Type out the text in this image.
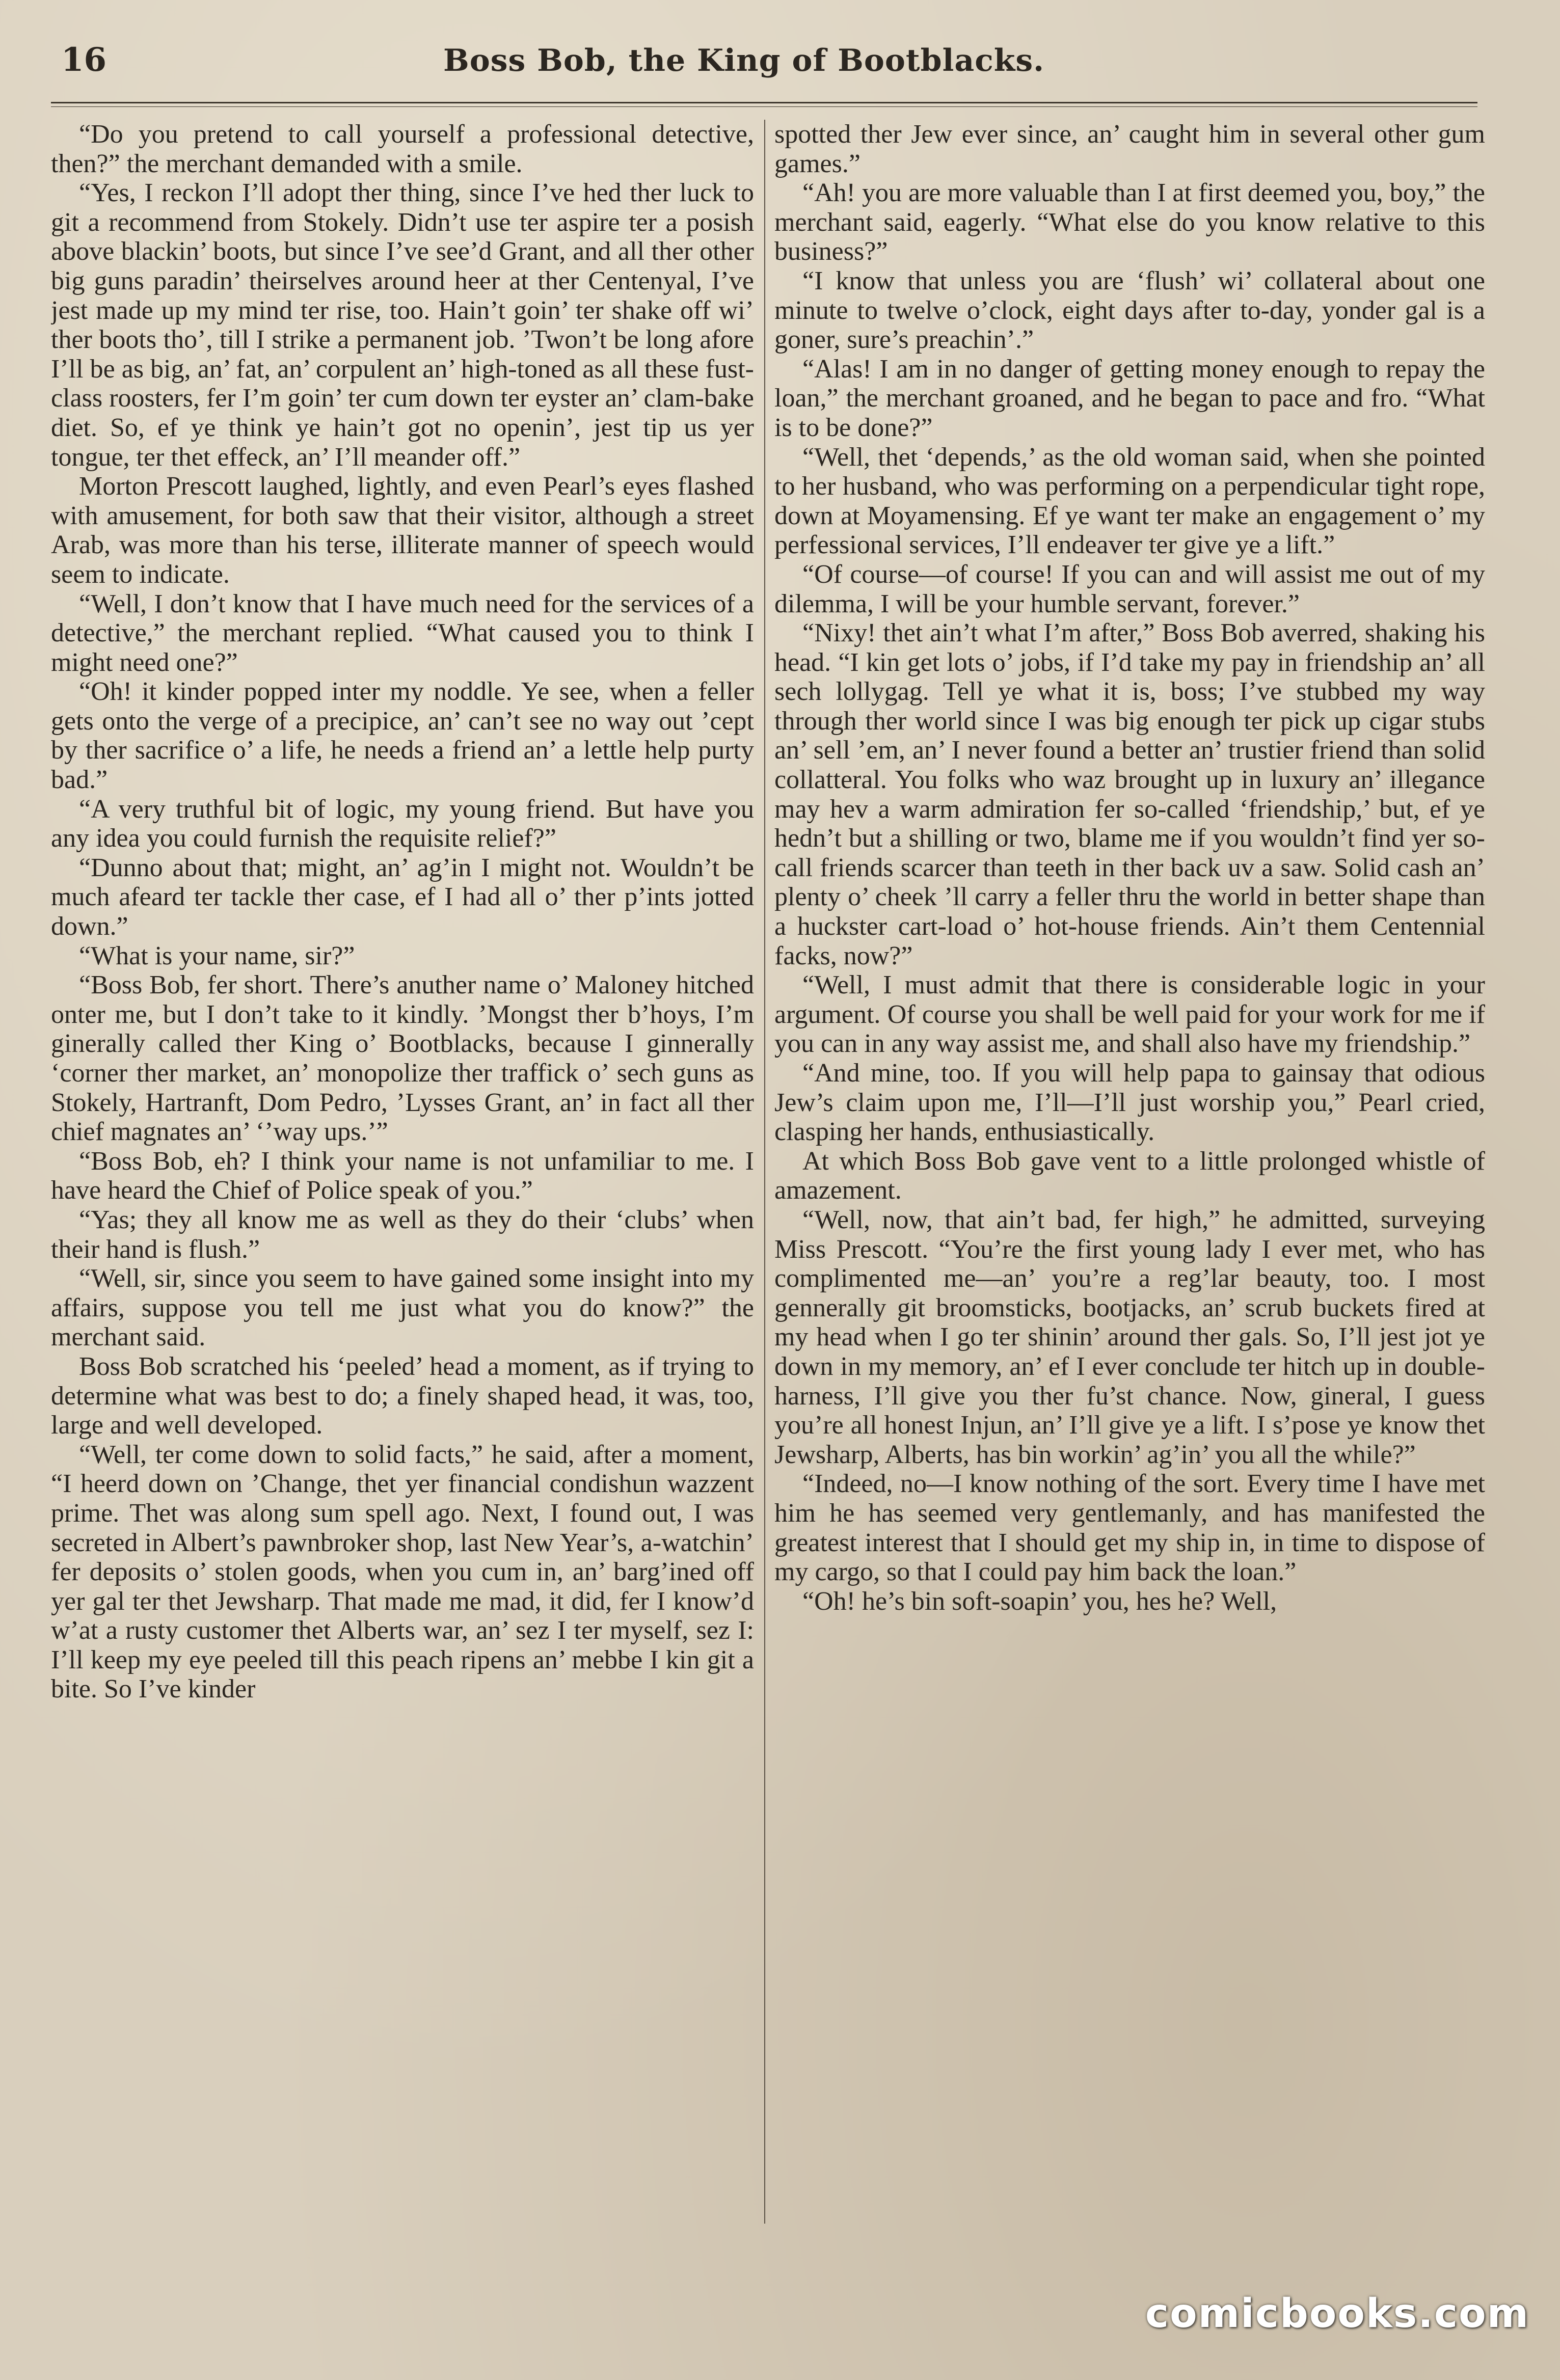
16	Boss Bob, the King of Bootblacks.

“Do you pretend to call yourself a professional detective, then?” the merchant demanded with a smile.

“Yes, I reckon I’ll adopt ther thing, since I’ve hed ther luck to git a recommend from Stokely. Didn’t use ter aspire ter a posish above blackin’ boots, but since I’ve see’d Grant, and all ther other big guns paradin’ theirselves around heer at ther Centenyal, I’ve jest made up my mind ter rise, too. Hain’t goin’ ter shake off wi’ ther boots tho’, till I strike a permanent job. ’Twon’t be long afore I’ll be as big, an’ fat, an’ corpulent an’ high-toned as all these fust-class roosters, fer I’m goin’ ter cum down ter eyster an’ clam-bake diet. So, ef ye think ye hain’t got no openin’, jest tip us yer tongue, ter thet effeck, an’ I’ll meander off.”

Morton Prescott laughed, lightly, and even Pearl’s eyes flashed with amusement, for both saw that their visitor, although a street Arab, was more than his terse, illiterate manner of speech would seem to indicate.

“Well, I don’t know that I have much need for the services of a detective,” the merchant replied. “What caused you to think I might need one?”

“Oh! it kinder popped inter my noddle. Ye see, when a feller gets onto the verge of a precipice, an’ can’t see no way out ’cept by ther sacrifice o’ a life, he needs a friend an’ a lettle help purty bad.”

“A very truthful bit of logic, my young friend. But have you any idea you could furnish the requisite relief?”

“Dunno about that; might, an’ ag’in I might not. Wouldn’t be much afeard ter tackle ther case, ef I had all o’ ther p’ints jotted down.”

“What is your name, sir?”

“Boss Bob, fer short. There’s anuther name o’ Maloney hitched onter me, but I don’t take to it kindly. ’Mongst ther b’hoys, I’m ginerally called ther King o’ Bootblacks, because I ginnerally ‘corner ther market, an’ monopolize ther traffick o’ sech guns as Stokely, Hartranft, Dom Pedro, ’Lysses Grant, an’ in fact all ther chief magnates an’ ‘’way ups.’”

“Boss Bob, eh? I think your name is not unfamiliar to me. I have heard the Chief of Police speak of you.”

“Yas; they all know me as well as they do their ‘clubs’ when their hand is flush.”

“Well, sir, since you seem to have gained some insight into my affairs, suppose you tell me just what you do know?” the merchant said.

Boss Bob scratched his ‘peeled’ head a moment, as if trying to determine what was best to do; a finely shaped head, it was, too, large and well developed.

“Well, ter come down to solid facts,” he said, after a moment, “I heerd down on ’Change, thet yer financial condishun wazzent prime. Thet was along sum spell ago. Next, I found out, I was secreted in Albert’s pawnbroker shop, last New Year’s, a-watchin’ fer deposits o’ stolen goods, when you cum in, an’ barg’ined off yer gal ter thet Jewsharp. That made me mad, it did, fer I know’d w’at a rusty customer thet Alberts war, an’ sez I ter myself, sez I: I’ll keep my eye peeled till this peach ripens an’ mebbe I kin git a bite. So I’ve kinder

spotted ther Jew ever since, an’ caught him in several other gum games.”

“Ah! you are more valuable than I at first deemed you, boy,” the merchant said, eagerly. “What else do you know relative to this business?”

“I know that unless you are ‘flush’ wi’ collateral about one minute to twelve o’clock, eight days after to-day, yonder gal is a goner, sure’s preachin’.”

“Alas! I am in no danger of getting money enough to repay the loan,” the merchant groaned, and he began to pace and fro. “What is to be done?”

“Well, thet ‘depends,’ as the old woman said, when she pointed to her husband, who was performing on a perpendicular tight rope, down at Moyamensing. Ef ye want ter make an engagement o’ my perfessional services, I’ll endeaver ter give ye a lift.”

“Of course—of course! If you can and will assist me out of my dilemma, I will be your humble servant, forever.”

“Nixy! thet ain’t what I’m after,” Boss Bob averred, shaking his head. “I kin get lots o’ jobs, if I’d take my pay in friendship an’ all sech lollygag. Tell ye what it is, boss; I’ve stubbed my way through ther world since I was big enough ter pick up cigar stubs an’ sell ’em, an’ I never found a better an’ trustier friend than solid collatteral. You folks who waz brought up in luxury an’ illegance may hev a warm admiration fer so-called ‘friendship,’ but, ef ye hedn’t but a shilling or two, blame me if you wouldn’t find yer so-call friends scarcer than teeth in ther back uv a saw. Solid cash an’ plenty o’ cheek ’ll carry a feller thru the world in better shape than a huckster cart-load o’ hot-house friends. Ain’t them Centennial facks, now?”

“Well, I must admit that there is considerable logic in your argument. Of course you shall be well paid for your work for me if you can in any way assist me, and shall also have my friendship.”

“And mine, too. If you will help papa to gainsay that odious Jew’s claim upon me, I’ll—I’ll just worship you,” Pearl cried, clasping her hands, enthusiastically.

At which Boss Bob gave vent to a little prolonged whistle of amazement.

“Well, now, that ain’t bad, fer high,” he admitted, surveying Miss Prescott. “You’re the first young lady I ever met, who has complimented me—an’ you’re a reg’lar beauty, too. I most gennerally git broomsticks, bootjacks, an’ scrub buckets fired at my head when I go ter shinin’ around ther gals. So, I’ll jest jot ye down in my memory, an’ ef I ever conclude ter hitch up in double-harness, I’ll give you ther fu’st chance. Now, gineral, I guess you’re all honest Injun, an’ I’ll give ye a lift. I s’pose ye know thet Jewsharp, Alberts, has bin workin’ ag’in’ you all the while?”

“Indeed, no—I know nothing of the sort. Every time I have met him he has seemed very gentlemanly, and has manifested the greatest interest that I should get my ship in, in time to dispose of my cargo, so that I could pay him back the loan.”

“Oh! he’s bin soft-soapin’ you, hes he? Well,

comicbooks.com
